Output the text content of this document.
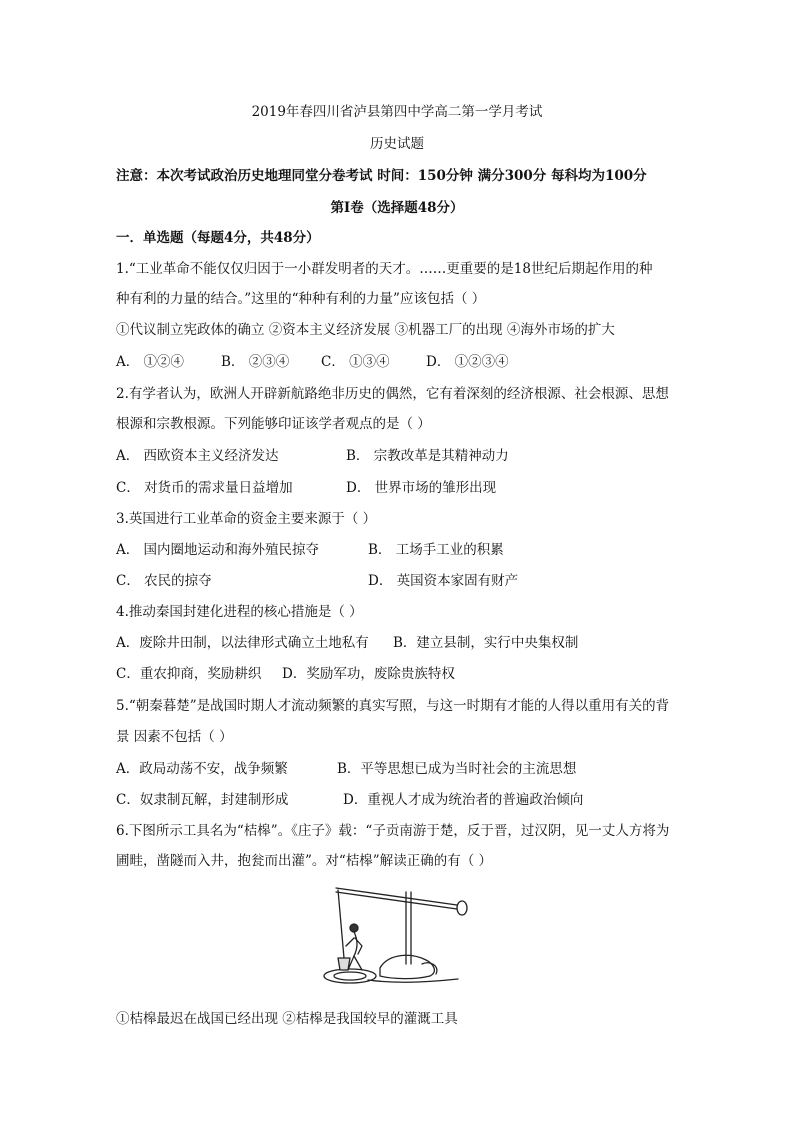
2019年春四川省泸县第四中学高二第一学月考试
历史试题
注意：本次考试政治历史地理同堂分卷考试 时间：150分钟 满分300分 每科均为100分
第I卷（选择题48分）
一．单选题（每题4分，共48分）
1.“工业革命不能仅仅归因于一小群发明者的天才。……更重要的是18世纪后期起作用的种
种有利的力量的结合。”这里的“种种有利的力量”应该包括（ ）
①代议制立宪政体的确立 ②资本主义经济发展 ③机器工厂的出现 ④海外市场的扩大
A． ①②④	B． ②③④ C． ①③④	D． ①②③④
2.有学者认为，欧洲人开辟新航路绝非历史的偶然，它有着深刻的经济根源、社会根源、思想
根源和宗教根源。下列能够印证该学者观点的是（ ）
A． 西欧资本主义经济发达	B． 宗教改革是其精神动力
C． 对货币的需求量日益增加	D． 世界市场的雏形出现
3.英国进行工业革命的资金主要来源于（ ）
A． 国内圈地运动和海外殖民掠夺	B． 工场手工业的积累
C． 农民的掠夺	D． 英国资本家固有财产
4.推动秦国封建化进程的核心措施是（ ）
A．废除井田制，以法律形式确立土地私有 B．建立县制，实行中央集权制
C．重农抑商，奖励耕织 D．奖励军功，废除贵族特权
5.“朝秦暮楚”是战国时期人才流动频繁的真实写照，与这一时期有才能的人得以重用有关的背
景 因素不包括（ ）
A．政局动荡不安，战争频繁	B．平等思想已成为当时社会的主流思想
C．奴隶制瓦解，封建制形成	D．重视人才成为统治者的普遍政治倾向
6.下图所示工具名为“桔槔”。《庄子》载：“子贡南游于楚，反于晋，过汉阴，见一丈人方将为
圃畦，凿隧而入井，抱瓮而出灌”。对“桔槔”解读正确的有（ ）
①桔槔最迟在战国已经出现 ②桔槔是我国较早的灌溉工具
